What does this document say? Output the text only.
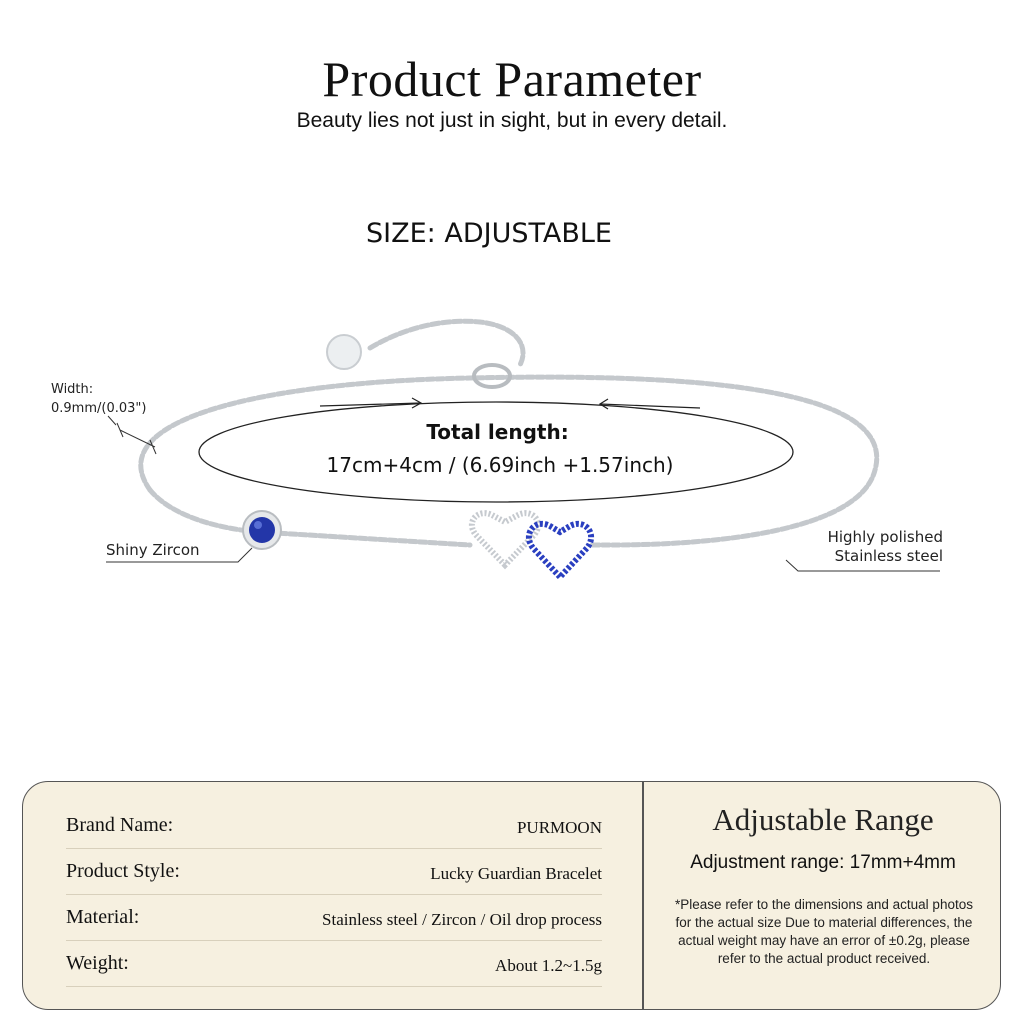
Product Parameter
Beauty lies not just in sight, but in every detail.
SIZE: ADJUSTABLE
Width:
0.9mm/(0.03")
Total length:
17cm+4cm / (6.69inch +1.57inch)
Shiny Zircon
Highly polished
Stainless steel
Brand Name:	PURMOON
Product Style:	Lucky Guardian Bracelet
Material:	Stainless steel / Zircon / Oil drop process
Weight:	About 1.2~1.5g
Adjustable Range
Adjustment range: 17mm+4mm
*Please refer to the dimensions and actual photos for the actual size Due to material differences, the actual weight may have an error of ±0.2g, please refer to the actual product received.
